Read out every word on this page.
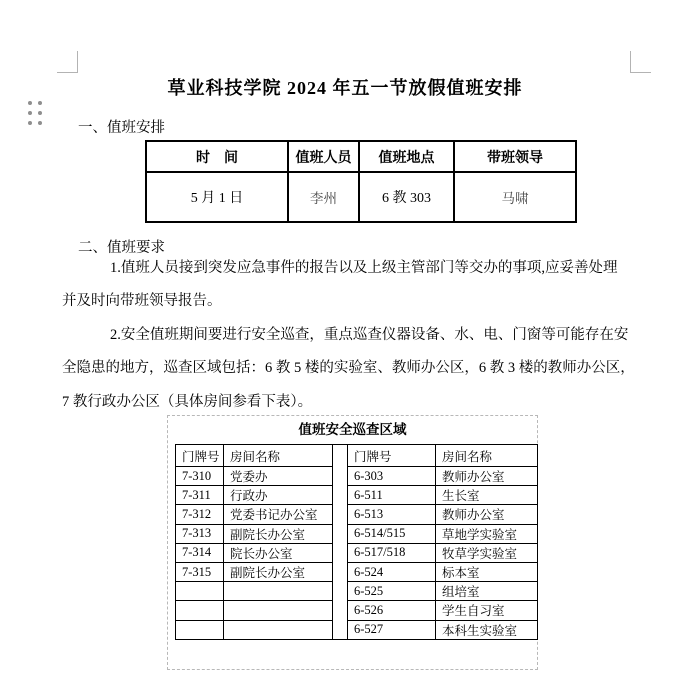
草业科技学院 2024 年五一节放假值班安排
一、值班安排
时　间	值班人员	值班地点	带班领导
5 月 1 日	李州	6 教 303	马啸
二、值班要求
1.值班人员接到突发应急事件的报告以及上级主管部门等交办的事项,应妥善处理
并及时向带班领导报告。
2.安全值班期间要进行安全巡查，重点巡查仪器设备、水、电、门窗等可能存在安
全隐患的地方，巡查区域包括：6 教 5 楼的实验室、教师办公区，6 教 3 楼的教师办公区，
7 教行政办公区（具体房间参看下表）。
值班安全巡查区域
门牌号	房间名称		门牌号	房间名称
7-310	党委办		6-303	教师办公室
7-311	行政办		6-511	生长室
7-312	党委书记办公室		6-513	教师办公室
7-313	副院长办公室		6-514/515	草地学实验室
7-314	院长办公室		6-517/518	牧草学实验室
7-315	副院长办公室		6-524	标本室
			6-525	组培室
			6-526	学生自习室
			6-527	本科生实验室
